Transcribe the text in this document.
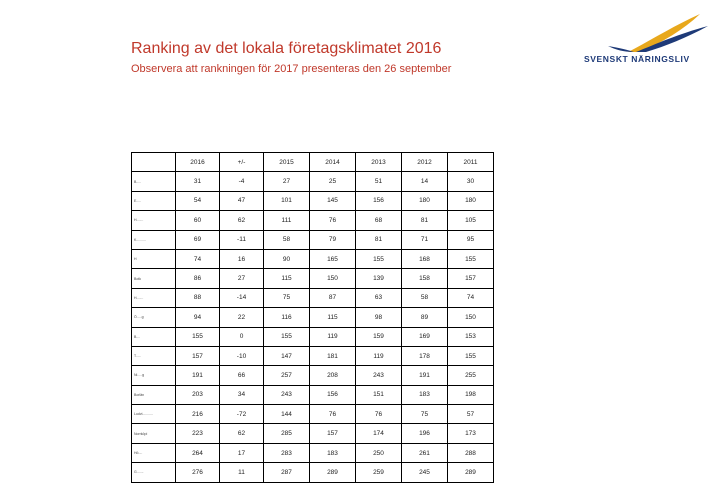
Ranking av det lokala företagsklimatet 2016
Observera att rankningen för 2017 presenteras den 26 september
SVENSKT NÄRINGSLIV
	2016	+/-	2015	2014	2013	2012	2011
B.....	31	-4	27	25	51	14	30
E.....	54	47	101	145	156	180	180
H.......	60	62	111	76	68	81	105
K..........	69	-11	58	79	81	71	95
H	74	16	90	165	155	168	155
Botk	86	27	115	150	139	158	157
H.......	88	-14	75	87	63	58	74
Ö.....g	94	22	116	115	98	89	150
B....	155	0	155	119	159	169	153
T.....	157	-10	147	181	119	178	155
Ni.....g	191	66	257	208	243	191	255
Borlän	203	34	243	156	151	183	198
Ludvi...........	216	-72	144	76	76	75	57
Norrköpi	223	62	285	157	174	196	173
Hö....	264	17	283	183	250	261	288
G.......	276	11	287	289	259	245	289
